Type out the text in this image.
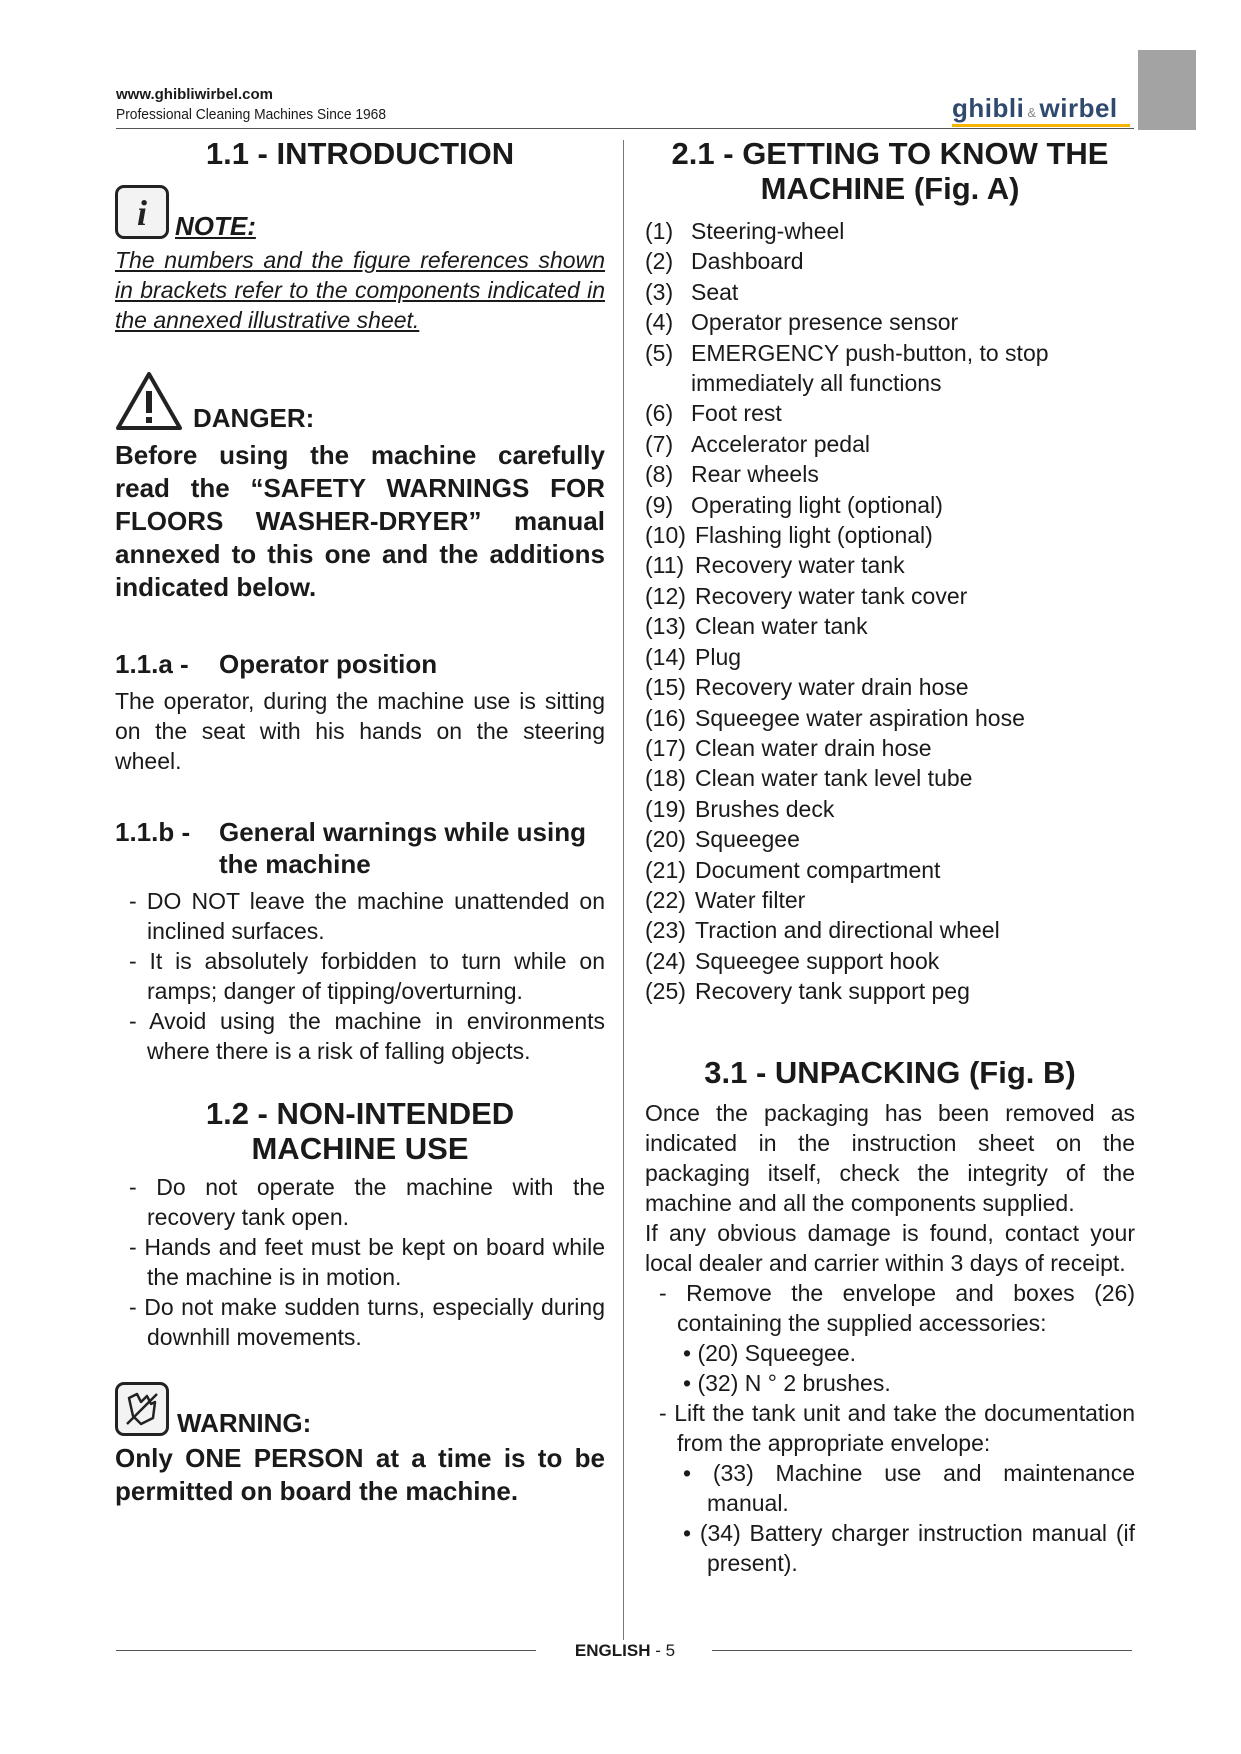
www.ghibliwirbel.com
Professional Cleaning Machines Since 1968	ghibli & wirbel
1.1 - INTRODUCTION
i NOTE:
The numbers and the figure references shown in brackets refer to the components indicated in the annexed illustrative sheet.
DANGER:
Before using the machine carefully read the “SAFETY WARNINGS FOR FLOORS WASHER-DRYER” manual annexed to this one and the additions indicated below.
1.1.a -	Operator position

The operator, during the machine use is sitting on the seat with his hands on the steering wheel.

1.1.b -	General warnings while using the machine
- DO NOT leave the machine unattended on inclined surfaces.
- It is absolutely forbidden to turn while on ramps; danger of tipping/overturning.
- Avoid using the machine in environments where there is a risk of falling objects.
1.2 - NON-INTENDED MACHINE USE
- Do not operate the machine with the recovery tank open.
- Hands and feet must be kept on board while the machine is in motion.
- Do not make sudden turns, especially during downhill movements.
WARNING:
Only ONE PERSON at a time is to be permitted on board the machine.
2.1 - GETTING TO KNOW THE MACHINE (Fig. A)
(1) Steering-wheel
(2) Dashboard
(3) Seat
(4) Operator presence sensor
(5) EMERGENCY push-button, to stop immediately all functions
(6) Foot rest
(7) Accelerator pedal
(8) Rear wheels
(9) Operating light (optional)
(10) Flashing light (optional)
(11) Recovery water tank
(12) Recovery water tank cover
(13) Clean water tank
(14) Plug
(15) Recovery water drain hose
(16) Squeegee water aspiration hose
(17) Clean water drain hose
(18) Clean water tank level tube
(19) Brushes deck
(20) Squeegee
(21) Document compartment
(22) Water filter
(23) Traction and directional wheel
(24) Squeegee support hook
(25) Recovery tank support peg
3.1 - UNPACKING (Fig. B)

Once the packaging has been removed as indicated in the instruction sheet on the packaging itself, check the integrity of the machine and all the components supplied.

If any obvious damage is found, contact your local dealer and carrier within 3 days of receipt.

- Remove the envelope and boxes (26) containing the supplied accessories:
• (20) Squeegee.
• (32) N ° 2 brushes.
- Lift the tank unit and take the documentation from the appropriate envelope:
• (33) Machine use and maintenance manual.
• (34) Battery charger instruction manual (if present).
ENGLISH - 5
